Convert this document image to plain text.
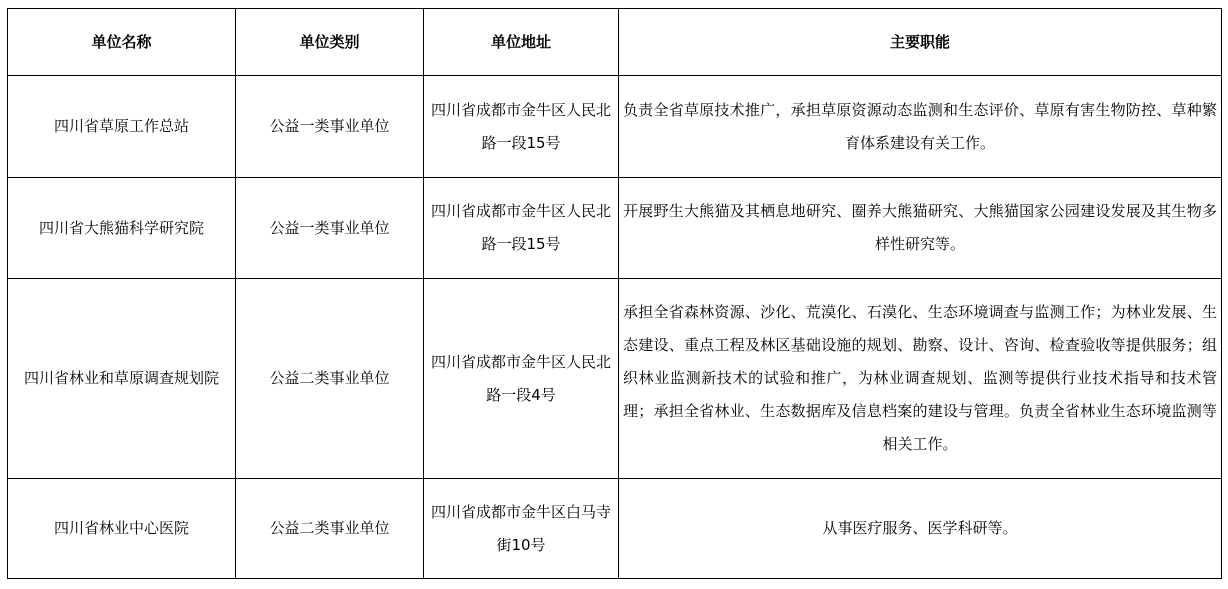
单位名称	单位类别	单位地址	主要职能
四川省草原工作总站	公益一类事业单位	四川省成都市金牛区人民北路一段15号	负责全省草原技术推广，承担草原资源动态监测和生态评价、草原有害生物防控、草种繁育体系建设有关工作。
四川省大熊猫科学研究院	公益一类事业单位	四川省成都市金牛区人民北路一段15号	开展野生大熊猫及其栖息地研究、圈养大熊猫研究、大熊猫国家公园建设发展及其生物多样性研究等。
四川省林业和草原调查规划院	公益二类事业单位	四川省成都市金牛区人民北路一段4号	承担全省森林资源、沙化、荒漠化、石漠化、生态环境调查与监测工作；为林业发展、生态建设、重点工程及林区基础设施的规划、勘察、设计、咨询、检查验收等提供服务；组织林业监测新技术的试验和推广，为林业调查规划、监测等提供行业技术指导和技术管理；承担全省林业、生态数据库及信息档案的建设与管理。负责全省林业生态环境监测等相关工作。
四川省林业中心医院	公益二类事业单位	四川省成都市金牛区白马寺街10号	从事医疗服务、医学科研等。
